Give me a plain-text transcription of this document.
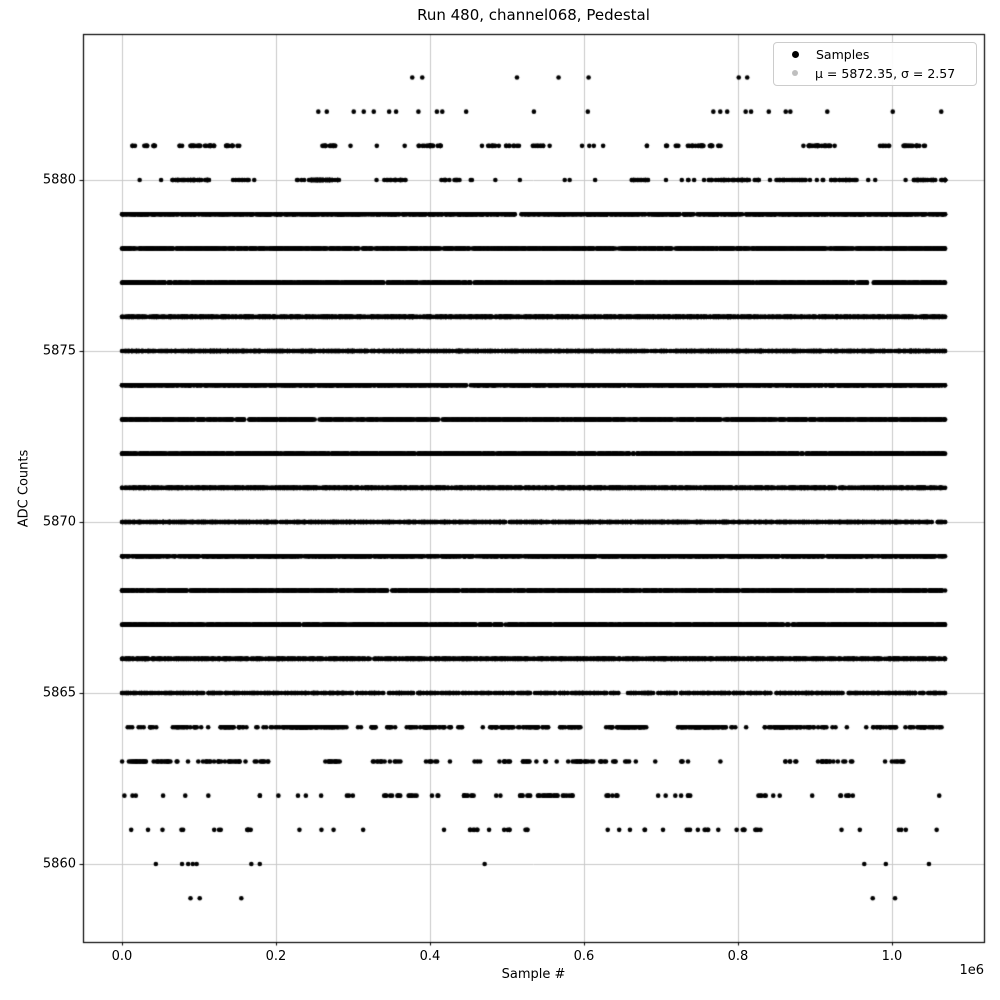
Run 480, channel068, Pedestal
ADC Counts
Sample #	1e6
0.0	0.2	0.4	0.6	0.8	1.0
5860
5865
5870
5875
5880
Samples
μ = 5872.35, σ = 2.57
